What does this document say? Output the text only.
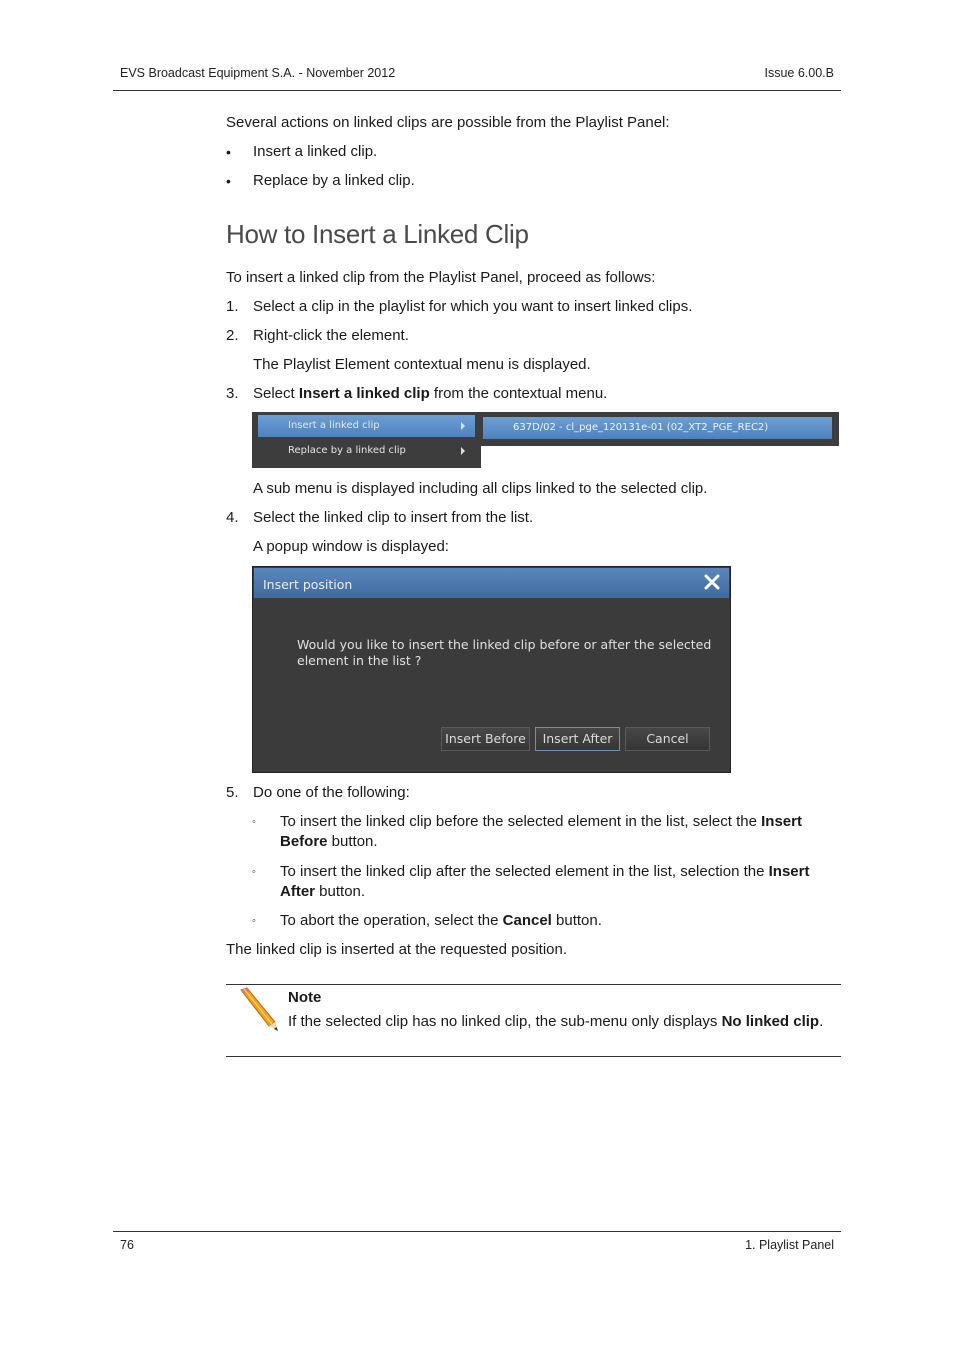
EVS Broadcast Equipment S.A. - November 2012	Issue 6.00.B
Several actions on linked clips are possible from the Playlist Panel:
• Insert a linked clip.
• Replace by a linked clip.
How to Insert a Linked Clip
To insert a linked clip from the Playlist Panel, proceed as follows:
1. Select a clip in the playlist for which you want to insert linked clips.
2. Right-click the element.
The Playlist Element contextual menu is displayed.
3. Select Insert a linked clip from the contextual menu.
Insert a linked clip
Replace by a linked clip
637D/02 - cl_pge_120131e-01 (02_XT2_PGE_REC2)
A sub menu is displayed including all clips linked to the selected clip.
4. Select the linked clip to insert from the list.
A popup window is displayed:
Insert position
Would you like to insert the linked clip before or after the selected element in the list ?
Insert Before	Insert After	Cancel
5. Do one of the following:
◦ To insert the linked clip before the selected element in the list, select the Insert Before button.
◦ To insert the linked clip after the selected element in the list, selection the Insert After button.
◦ To abort the operation, select the Cancel button.
The linked clip is inserted at the requested position.
Note
If the selected clip has no linked clip, the sub-menu only displays No linked clip.
76	1. Playlist Panel
